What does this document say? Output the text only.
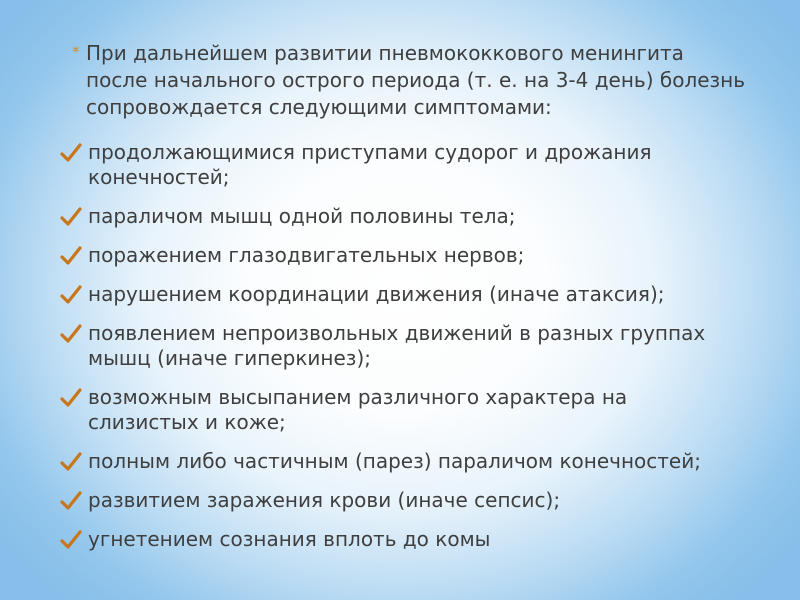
* При дальнейшем развитии пневмококкового менингита после начального острого периода (т. е. на 3-4 день) болезнь сопровождается следующими симптомами:

продолжающимися приступами судорог и дрожания конечностей;
параличом мышц одной половины тела;
поражением глазодвигательных нервов;
нарушением координации движения (иначе атаксия);
появлением непроизвольных движений в разных группах мышц (иначе гиперкинез);
возможным высыпанием различного характера на слизистых и коже;
полным либо частичным (парез) параличом конечностей;
развитием заражения крови (иначе сепсис);
угнетением сознания вплоть до комы
